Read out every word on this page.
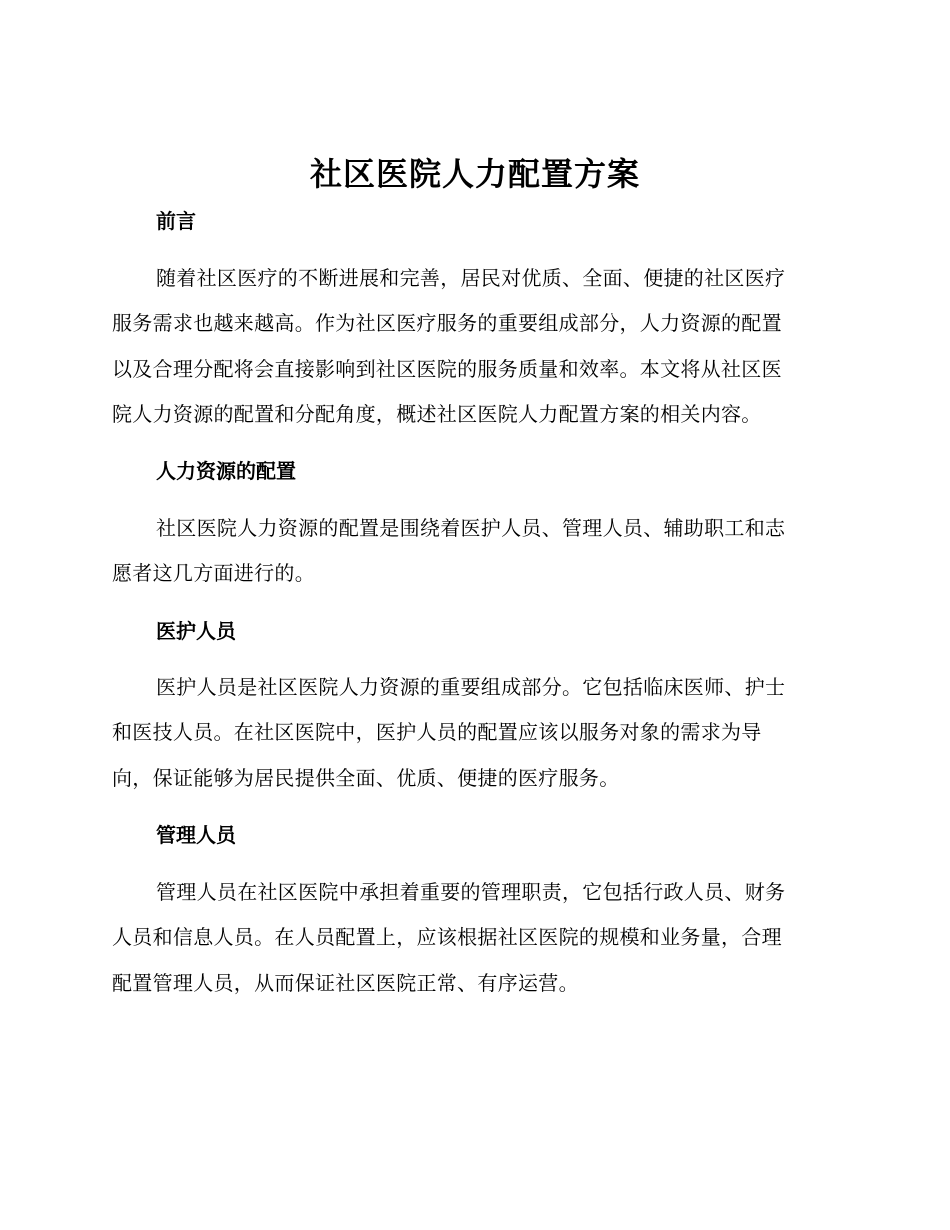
社区医院人力配置方案
前言
随着社区医疗的不断进展和完善，居民对优质、全面、便捷的社区医疗
服务需求也越来越高。作为社区医疗服务的重要组成部分，人力资源的配置
以及合理分配将会直接影响到社区医院的服务质量和效率。本文将从社区医
院人力资源的配置和分配角度，概述社区医院人力配置方案的相关内容。
人力资源的配置
社区医院人力资源的配置是围绕着医护人员、管理人员、辅助职工和志
愿者这几方面进行的。
医护人员
医护人员是社区医院人力资源的重要组成部分。它包括临床医师、护士
和医技人员。在社区医院中，医护人员的配置应该以服务对象的需求为导
向，保证能够为居民提供全面、优质、便捷的医疗服务。
管理人员
管理人员在社区医院中承担着重要的管理职责，它包括行政人员、财务
人员和信息人员。在人员配置上，应该根据社区医院的规模和业务量，合理
配置管理人员，从而保证社区医院正常、有序运营。
